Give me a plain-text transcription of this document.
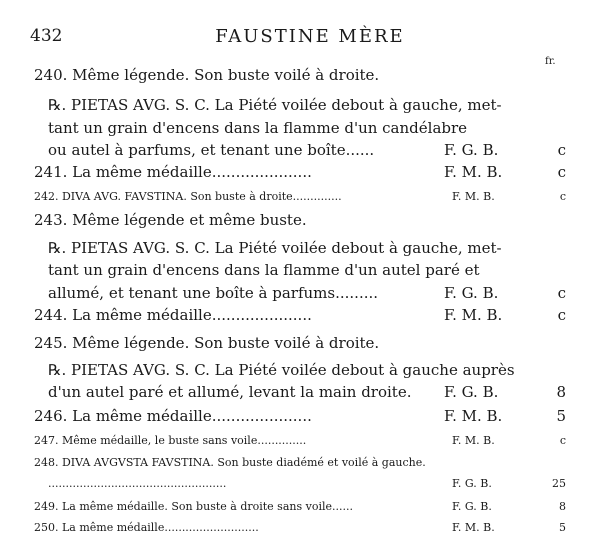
432	FAUSTINE MÈRE
fr.
240. Même légende. Son buste voilé à droite.
℞. PIETAS AVG. S. C. La Piété voilée debout à gauche, met-
tant un grain d'encens dans la flamme d'un candélabre
ou autel à parfums, et tenant une boîte......	F. G. B.	c
241. La même médaille.....................	F. M. B.	c
242. DIVA AVG. FAVSTINA. Son buste à droite..............	F. M. B.	c
243. Même légende et même buste.
℞. PIETAS AVG. S. C. La Piété voilée debout à gauche, met-
tant un grain d'encens dans la flamme d'un autel paré et
allumé, et tenant une boîte à parfums.........	F. G. B.	c
244. La même médaille.....................	F. M. B.	c
245. Même légende. Son buste voilé à droite.
℞. PIETAS AVG. S. C. La Piété voilée debout à gauche auprès
d'un autel paré et allumé, levant la main droite. F. G. B.	8
246. La même médaille.....................	F. M. B.	5
247. Même médaille, le buste sans voile..............	F. M. B.	c
248. DIVA AVGVSTA FAVSTINA. Son buste diadémé et voilé à gauche.
...................................................	F. G. B.	25
249. La même médaille. Son buste à droite sans voile......	F. G. B.	8
250. La même médaille...........................	F. M. B.	5
